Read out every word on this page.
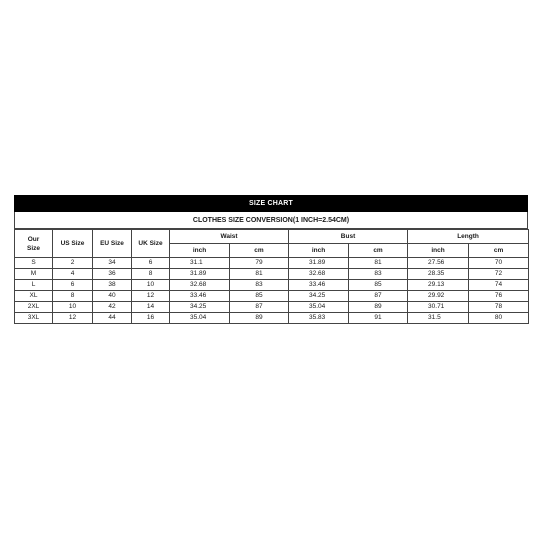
SIZE CHART
CLOTHES SIZE CONVERSION(1 INCH=2.54CM)
Our
Size	US Size	EU Size	UK Size	Waist		Bust		Length	
				inch	cm	inch	cm	inch	cm
S	2	34	6	31.1	79	31.89	81	27.56	70
M	4	36	8	31.89	81	32.68	83	28.35	72
L	6	38	10	32.68	83	33.46	85	29.13	74
XL	8	40	12	33.46	85	34.25	87	29.92	76
2XL	10	42	14	34.25	87	35.04	89	30.71	78
3XL	12	44	16	35.04	89	35.83	91	31.5	80
